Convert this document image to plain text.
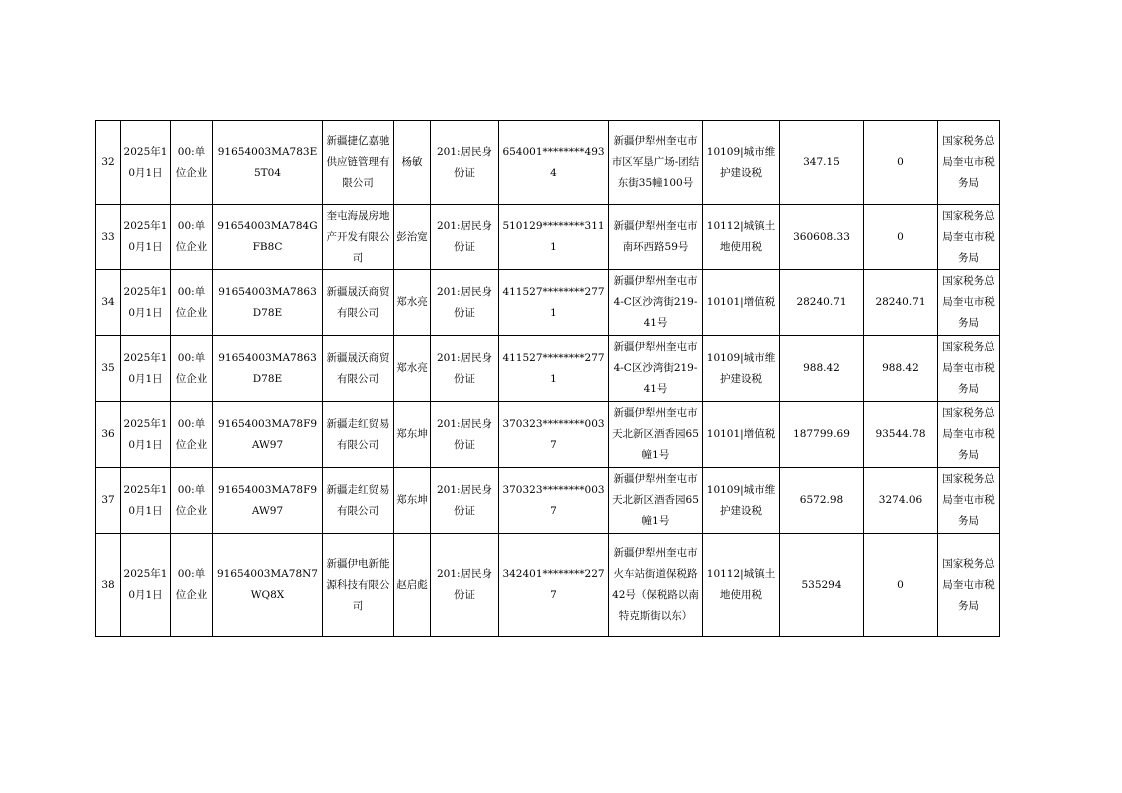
32	2025年10月1日	00:单位企业	91654003MA783E5T04	新疆捷亿嘉驰供应链管理有限公司	杨敏	201:居民身份证	654001********4934	新疆伊犁州奎屯市市区军垦广场-团结东街35幢100号	10109|城市维护建设税	347.15	0	国家税务总局奎屯市税务局
33	2025年10月1日	00:单位企业	91654003MA784GFB8C	奎屯海晟房地产开发有限公司	彭治宽	201:居民身份证	510129********3111	新疆伊犁州奎屯市南环西路59号	10112|城镇土地使用税	360608.33	0	国家税务总局奎屯市税务局
34	2025年10月1日	00:单位企业	91654003MA7863D78E	新疆晟沃商贸有限公司	郑水亮	201:居民身份证	411527********2771	新疆伊犁州奎屯市4-C区沙湾街219-41号	10101|增值税	28240.71	28240.71	国家税务总局奎屯市税务局
35	2025年10月1日	00:单位企业	91654003MA7863D78E	新疆晟沃商贸有限公司	郑水亮	201:居民身份证	411527********2771	新疆伊犁州奎屯市4-C区沙湾街219-41号	10109|城市维护建设税	988.42	988.42	国家税务总局奎屯市税务局
36	2025年10月1日	00:单位企业	91654003MA78F9AW97	新疆走红贸易有限公司	郑东坤	201:居民身份证	370323********0037	新疆伊犁州奎屯市天北新区酒香园65幢1号	10101|增值税	187799.69	93544.78	国家税务总局奎屯市税务局
37	2025年10月1日	00:单位企业	91654003MA78F9AW97	新疆走红贸易有限公司	郑东坤	201:居民身份证	370323********0037	新疆伊犁州奎屯市天北新区酒香园65幢1号	10109|城市维护建设税	6572.98	3274.06	国家税务总局奎屯市税务局
38	2025年10月1日	00:单位企业	91654003MA78N7WQ8X	新疆伊电新能源科技有限公司	赵启彪	201:居民身份证	342401********2277	新疆伊犁州奎屯市火车站街道保税路42号（保税路以南特克斯街以东）	10112|城镇土地使用税	535294	0	国家税务总局奎屯市税务局
